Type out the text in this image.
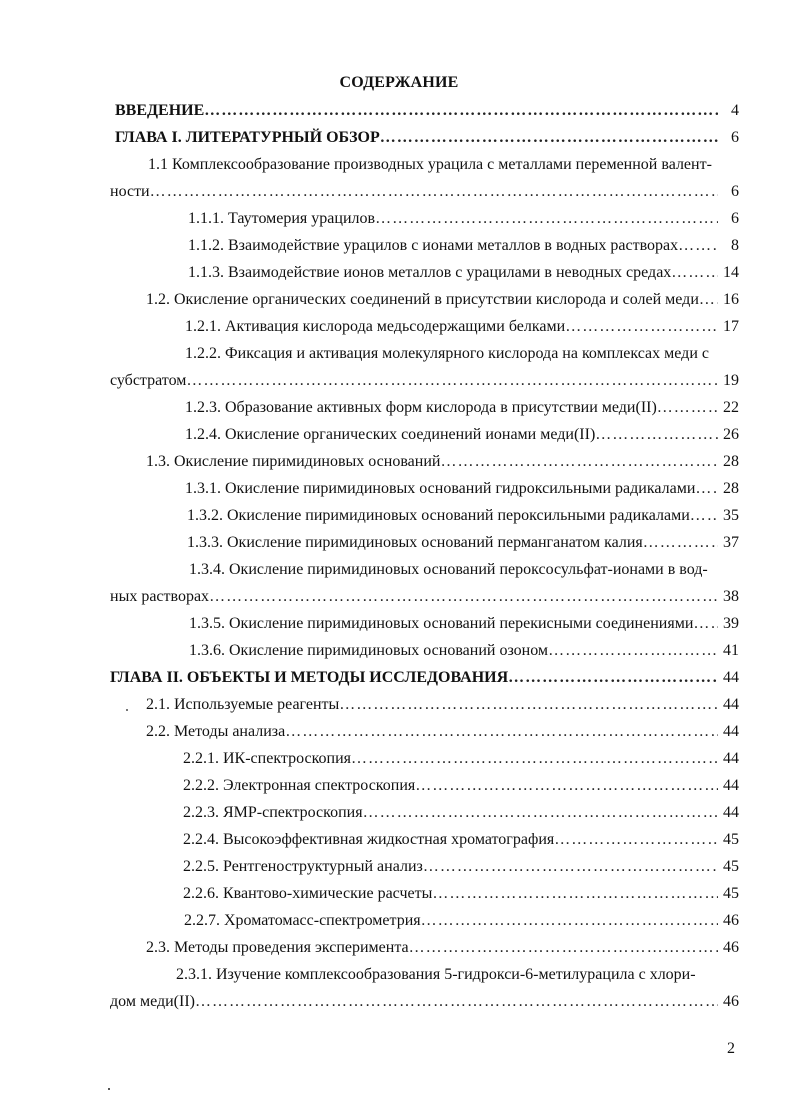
СОДЕРЖАНИЕ
ВВЕДЕНИЕ ……………………………………………………………………………………………………………………………………………………………………………………	4
ГЛАВА I. ЛИТЕРАТУРНЫЙ ОБЗОР ……………………………………………………………………………………………………………………………………………………………………………………	6
1.1 Комплексообразование производных урацила с металлами переменной валент-
ности ……………………………………………………………………………………………………………………………………………………………………………………	6
1.1.1. Таутомерия урацилов ……………………………………………………………………………………………………………………………………………………………………………………	6
1.1.2. Взаимодействие урацилов с ионами металлов в водных растворах ……………………………………………………………………………………………………………………………………………………………………………………	8
1.1.3. Взаимодействие ионов металлов с урацилами в неводных средах ……………………………………………………………………………………………………………………………………………………………………………………	14
1.2. Окисление органических соединений в присутствии кислорода и солей меди ……………………………………………………………………………………………………………………………………………………………………………………	16
1.2.1. Активация кислорода медьсодержащими белками ……………………………………………………………………………………………………………………………………………………………………………………	17
1.2.2. Фиксация и активация молекулярного кислорода на комплексах меди с
субстратом ……………………………………………………………………………………………………………………………………………………………………………………	19
1.2.3. Образование активных форм кислорода в присутствии меди(II) ……………………………………………………………………………………………………………………………………………………………………………………	22
1.2.4. Окисление органических соединений ионами меди(II) ……………………………………………………………………………………………………………………………………………………………………………………	26
1.3. Окисление пиримидиновых оснований ……………………………………………………………………………………………………………………………………………………………………………………	28
1.3.1. Окисление пиримидиновых оснований гидроксильными радикалами ……………………………………………………………………………………………………………………………………………………………………………………	28
1.3.2. Окисление пиримидиновых оснований пероксильными радикалами ……………………………………………………………………………………………………………………………………………………………………………………	35
1.3.3. Окисление пиримидиновых оснований перманганатом калия ……………………………………………………………………………………………………………………………………………………………………………………	37
1.3.4. Окисление пиримидиновых оснований пероксосульфат-ионами в вод-
ных растворах ……………………………………………………………………………………………………………………………………………………………………………………	38
1.3.5. Окисление пиримидиновых оснований перекисными соединениями ……………………………………………………………………………………………………………………………………………………………………………………	39
1.3.6. Окисление пиримидиновых оснований озоном ……………………………………………………………………………………………………………………………………………………………………………………	41
ГЛАВА II. ОБЪЕКТЫ И МЕТОДЫ ИССЛЕДОВАНИЯ ……………………………………………………………………………………………………………………………………………………………………………………	44
2.1. Используемые реагенты ……………………………………………………………………………………………………………………………………………………………………………………	44
2.2. Методы анализа ……………………………………………………………………………………………………………………………………………………………………………………	44
2.2.1. ИК-спектроскопия ……………………………………………………………………………………………………………………………………………………………………………………	44
2.2.2. Электронная спектроскопия ……………………………………………………………………………………………………………………………………………………………………………………	44
2.2.3. ЯМР-спектроскопия ……………………………………………………………………………………………………………………………………………………………………………………	44
2.2.4. Высокоэффективная жидкостная хроматография ……………………………………………………………………………………………………………………………………………………………………………………	45
2.2.5. Рентгеноструктурный анализ ……………………………………………………………………………………………………………………………………………………………………………………	45
2.2.6. Квантово-химические расчеты ……………………………………………………………………………………………………………………………………………………………………………………	45
2.2.7. Хроматомасс-спектрометрия ……………………………………………………………………………………………………………………………………………………………………………………	46
2.3. Методы проведения эксперимента ……………………………………………………………………………………………………………………………………………………………………………………	46
2.3.1. Изучение комплексообразования 5-гидрокси-6-метилурацила с хлори-
дом меди(II) ……………………………………………………………………………………………………………………………………………………………………………………	46
2
